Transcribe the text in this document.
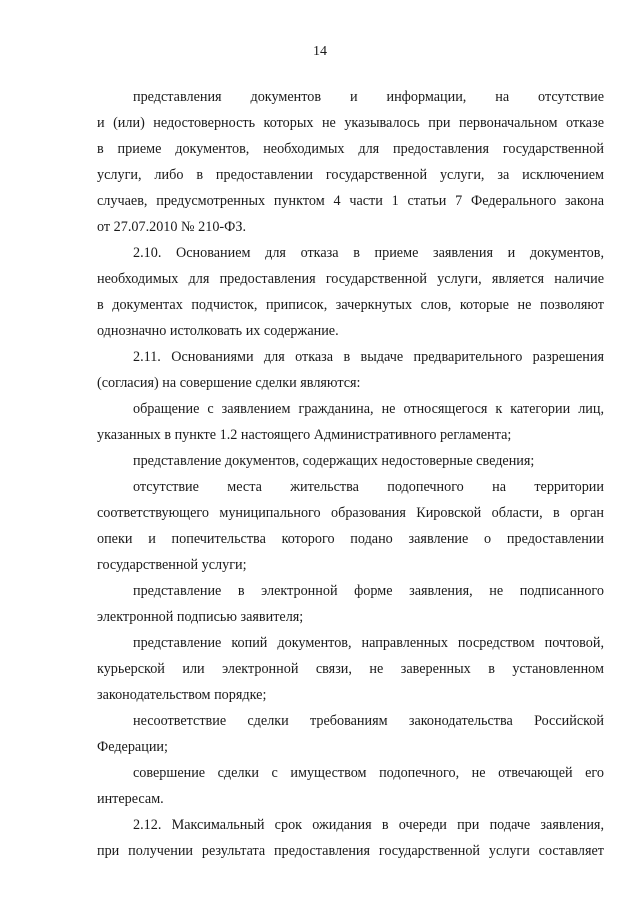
14
представления документов и информации, на отсутствие
и (или) недостоверность которых не указывалось при первоначальном отказе
в приеме документов, необходимых для предоставления государственной
услуги, либо в предоставлении государственной услуги, за исключением
случаев, предусмотренных пунктом 4 части 1 статьи 7 Федерального закона
от 27.07.2010 № 210-ФЗ.
2.10. Основанием для отказа в приеме заявления и документов,
необходимых для предоставления государственной услуги, является наличие
в документах подчисток, приписок, зачеркнутых слов, которые не позволяют
однозначно истолковать их содержание.
2.11. Основаниями для отказа в выдаче предварительного разрешения
(согласия) на совершение сделки являются:
обращение с заявлением гражданина, не относящегося к категории лиц,
указанных в пункте 1.2 настоящего Административного регламента;
представление документов, содержащих недостоверные сведения;
отсутствие места жительства подопечного на территории
соответствующего муниципального образования Кировской области, в орган
опеки и попечительства которого подано заявление о предоставлении
государственной услуги;
представление в электронной форме заявления, не подписанного
электронной подписью заявителя;
представление копий документов, направленных посредством почтовой,
курьерской или электронной связи, не заверенных в установленном
законодательством порядке;
несоответствие сделки требованиям законодательства Российской
Федерации;
совершение сделки с имуществом подопечного, не отвечающей его
интересам.
2.12. Максимальный срок ожидания в очереди при подаче заявления,
при получении результата предоставления государственной услуги составляет
